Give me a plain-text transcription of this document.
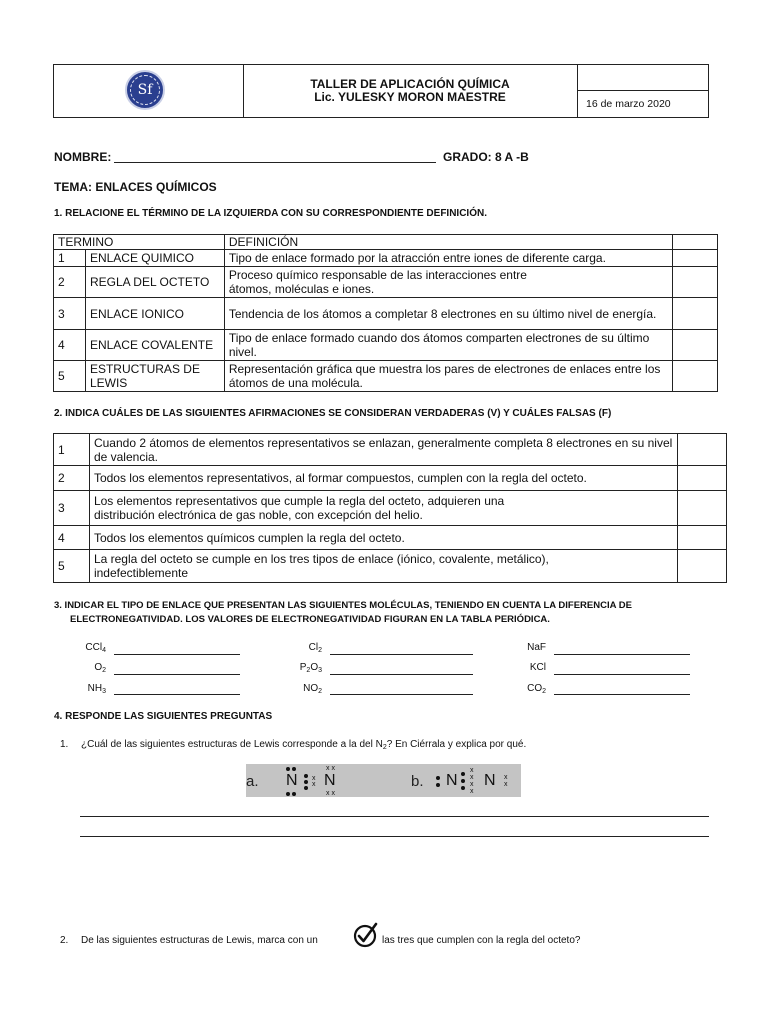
Sf	TALLER DE APLICACIÓN QUÍMICA
Lic. YULESKY MORON MAESTRE	16 de marzo 2020
NOMBRE:	GRADO: 8 A -B
TEMA: ENLACES QUÍMICOS
1. RELACIONE EL TÉRMINO DE LA IZQUIERDA CON SU CORRESPONDIENTE DEFINICIÓN.
TERMINO		DEFINICIÓN	
1	ENLACE QUIMICO	Tipo de enlace formado por la atracción entre iones de diferente carga.	
2	REGLA DEL OCTETO	Proceso químico responsable de las interacciones entre átomos, moléculas e iones.	
3	ENLACE IONICO	Tendencia de los átomos a completar 8 electrones en su último nivel de energía.	
4	ENLACE COVALENTE	Tipo de enlace formado cuando dos átomos comparten electrones de su último nivel.	
5	ESTRUCTURAS DE LEWIS	Representación gráfica que muestra los pares de electrones de enlaces entre los átomos de una molécula.	
2. INDICA CUÁLES DE LAS SIGUIENTES AFIRMACIONES SE CONSIDERAN VERDADERAS (V) Y CUÁLES FALSAS (F)
1	Cuando 2 átomos de elementos representativos se enlazan, generalmente completa 8 electrones en su nivel de valencia.	
2	Todos los elementos representativos, al formar compuestos, cumplen con la regla del octeto.	
3	Los elementos representativos que cumple la regla del octeto, adquieren una distribución electrónica de gas noble, con excepción del helio.	
4	Todos los elementos químicos cumplen la regla del octeto.	
5	La regla del octeto se cumple en los tres tipos de enlace (iónico, covalente, metálico), indefectiblemente	
3. INDICAR EL TIPO DE ENLACE QUE PRESENTAN LAS SIGUIENTES MOLÉCULAS, TENIENDO EN CUENTA LA DIFERENCIA DE
ELECTRONEGATIVIDAD. LOS VALORES DE ELECTRONEGATIVIDAD FIGURAN EN LA TABLA PERIÓDICA.
CCl$_4$	$Cl_2$	NaF
$O_2$	$P_2O_3$	KCl
$NH_3$	$NO_2$	$CO_2$
4. RESPONDE LAS SIGUIENTES PREGUNTAS
1. ¿Cuál de las siguientes estructuras de Lewis corresponde a la del $N_2$? En Ciérrala y explica por qué.
a. N x
x N
x x
x x
b. N
x
x
x
x
N x
x
2. De las siguientes estructuras de Lewis, marca con un	las tres que cumplen con la regla del octeto?
